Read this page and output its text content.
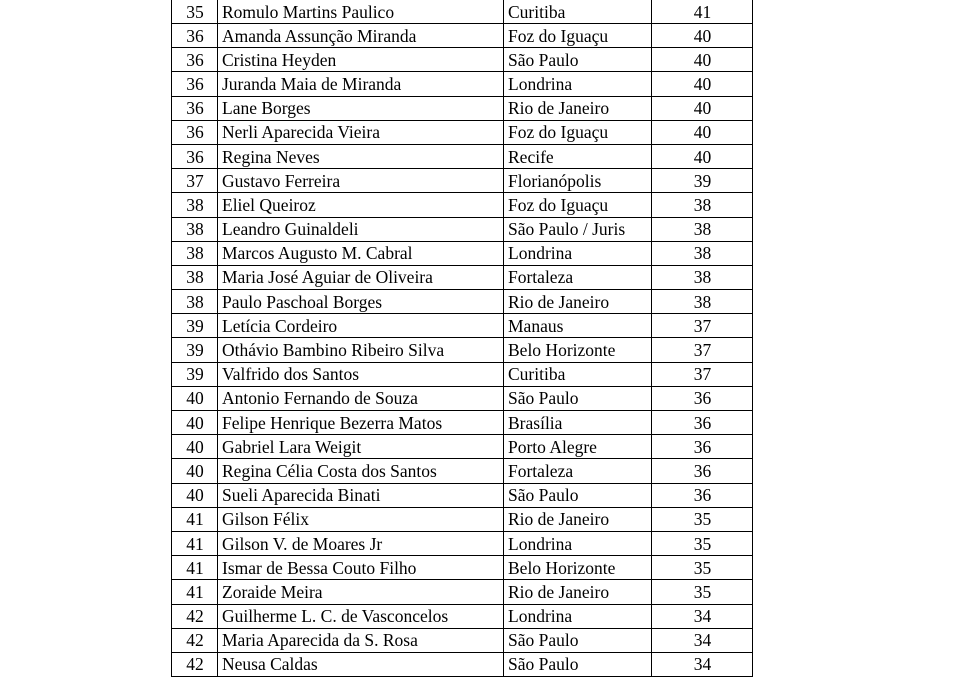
35	Romulo Martins Paulico	Curitiba	41
36	Amanda Assunção Miranda	Foz do Iguaçu	40
36	Cristina Heyden	São Paulo	40
36	Juranda Maia de Miranda	Londrina	40
36	Lane Borges	Rio de Janeiro	40
36	Nerli Aparecida Vieira	Foz do Iguaçu	40
36	Regina Neves	Recife	40
37	Gustavo Ferreira	Florianópolis	39
38	Eliel Queiroz	Foz do Iguaçu	38
38	Leandro Guinaldeli	São Paulo / Juris	38
38	Marcos Augusto M. Cabral	Londrina	38
38	Maria José Aguiar de Oliveira	Fortaleza	38
38	Paulo Paschoal Borges	Rio de Janeiro	38
39	Letícia Cordeiro	Manaus	37
39	Othávio Bambino Ribeiro Silva	Belo Horizonte	37
39	Valfrido dos Santos	Curitiba	37
40	Antonio Fernando de Souza	São Paulo	36
40	Felipe Henrique Bezerra Matos	Brasília	36
40	Gabriel Lara Weigit	Porto Alegre	36
40	Regina Célia Costa dos Santos	Fortaleza	36
40	Sueli Aparecida Binati	São Paulo	36
41	Gilson Félix	Rio de Janeiro	35
41	Gilson V. de Moares Jr	Londrina	35
41	Ismar de Bessa Couto Filho	Belo Horizonte	35
41	Zoraide Meira	Rio de Janeiro	35
42	Guilherme L. C. de Vasconcelos	Londrina	34
42	Maria Aparecida da S. Rosa	São Paulo	34
42	Neusa Caldas	São Paulo	34
